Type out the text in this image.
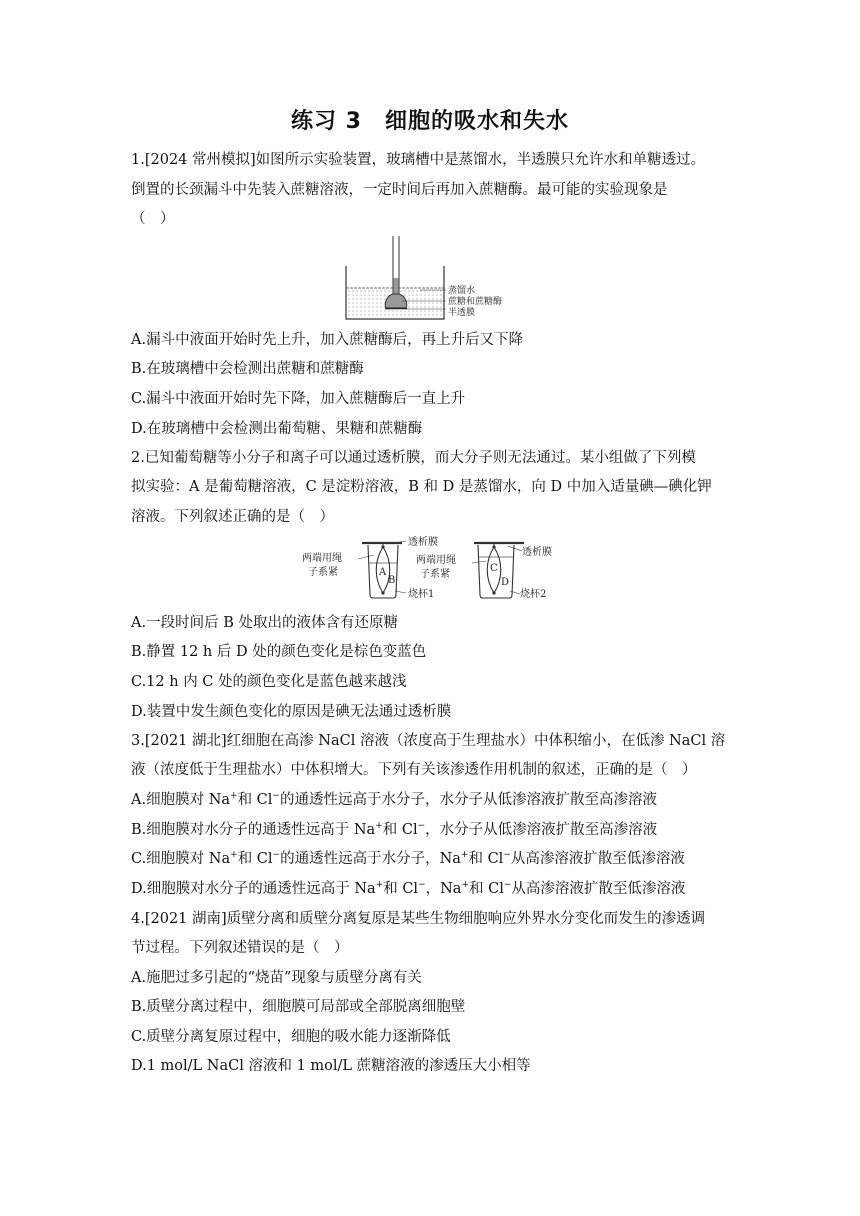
练习 3　细胞的吸水和失水
1.[2024 常州模拟]如图所示实验装置，玻璃槽中是蒸馏水，半透膜只允许水和单糖透过。
倒置的长颈漏斗中先装入蔗糖溶液，一定时间后再加入蔗糖酶。最可能的实验现象是
（　）
蒸馏水
蔗糖和蔗糖酶
半透膜
A.漏斗中液面开始时先上升，加入蔗糖酶后，再上升后又下降
B.在玻璃槽中会检测出蔗糖和蔗糖酶
C.漏斗中液面开始时先下降，加入蔗糖酶后一直上升
D.在玻璃槽中会检测出葡萄糖、果糖和蔗糖酶
2.已知葡萄糖等小分子和离子可以通过透析膜，而大分子则无法通过。某小组做了下列模
拟实验：A 是葡萄糖溶液，C 是淀粉溶液，B 和 D 是蒸馏水，向 D 中加入适量碘—碘化钾
溶液。下列叙述正确的是（　）
透析膜
两端用绳
子系紧
烧杯1
A
B
透析膜
两端用绳
子系紧
烧杯2
C
D
A.一段时间后 B 处取出的液体含有还原糖
B.静置 12 h 后 D 处的颜色变化是棕色变蓝色
C.12 h 内 C 处的颜色变化是蓝色越来越浅
D.装置中发生颜色变化的原因是碘无法通过透析膜
3.[2021 湖北]红细胞在高渗 NaCl 溶液（浓度高于生理盐水）中体积缩小，在低渗 NaCl 溶
液（浓度低于生理盐水）中体积增大。下列有关该渗透作用机制的叙述，正确的是（　）
A.细胞膜对 Na+和 Cl−的通透性远高于水分子，水分子从低渗溶液扩散至高渗溶液
B.细胞膜对水分子的通透性远高于 Na+和 Cl−，水分子从低渗溶液扩散至高渗溶液
C.细胞膜对 Na+和 Cl−的通透性远高于水分子，Na+和 Cl−从高渗溶液扩散至低渗溶液
D.细胞膜对水分子的通透性远高于 Na+和 Cl−，Na+和 Cl−从高渗溶液扩散至低渗溶液
4.[2021 湖南]质壁分离和质壁分离复原是某些生物细胞响应外界水分变化而发生的渗透调
节过程。下列叙述错误的是（　）
A.施肥过多引起的“烧苗”现象与质壁分离有关
B.质壁分离过程中，细胞膜可局部或全部脱离细胞壁
C.质壁分离复原过程中，细胞的吸水能力逐渐降低
D.1 mol/L NaCl 溶液和 1 mol/L 蔗糖溶液的渗透压大小相等
